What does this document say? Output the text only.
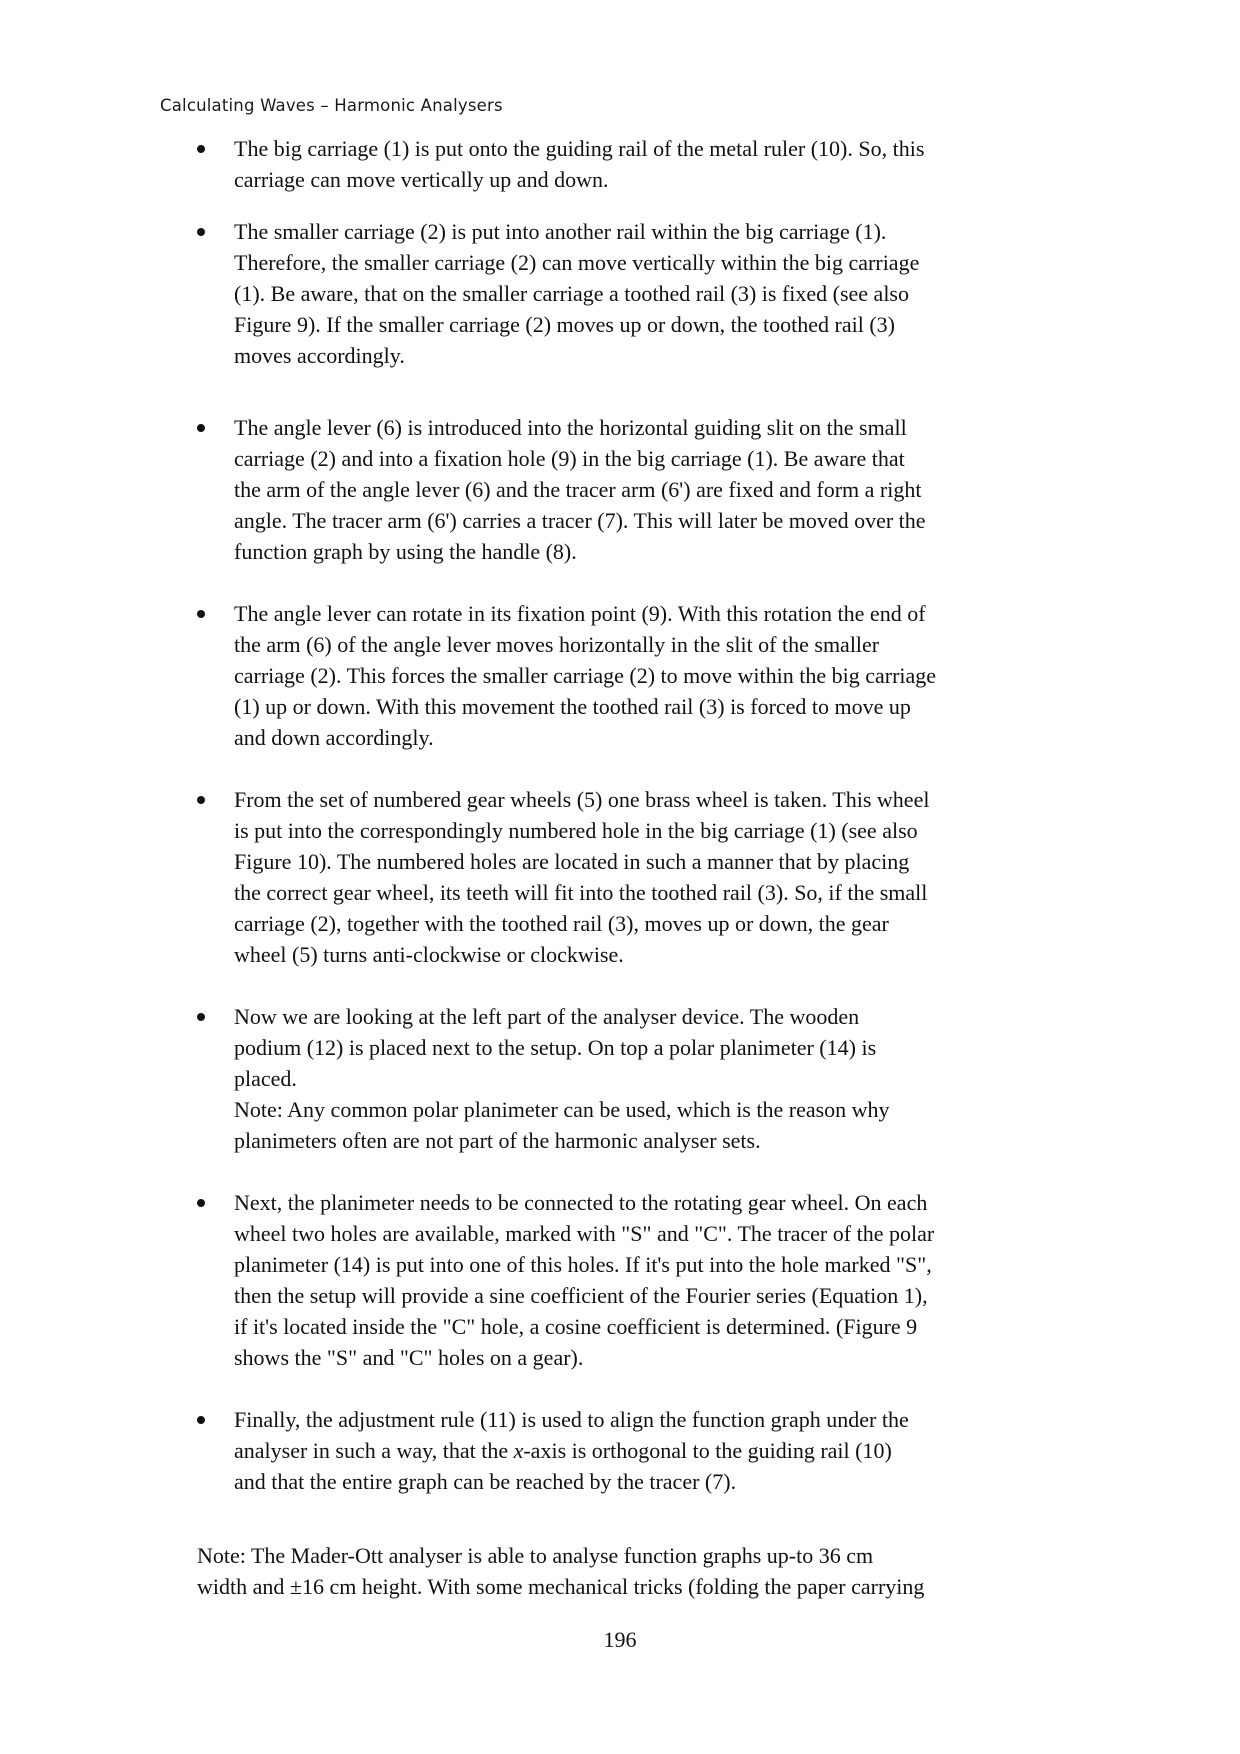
Calculating Waves – Harmonic Analysers
The big carriage (1) is put onto the guiding rail of the metal ruler (10). So, this
carriage can move vertically up and down.
The smaller carriage (2) is put into another rail within the big carriage (1).
Therefore, the smaller carriage (2) can move vertically within the big carriage
(1). Be aware, that on the smaller carriage a toothed rail (3) is fixed (see also
Figure 9). If the smaller carriage (2) moves up or down, the toothed rail (3)
moves accordingly.
The angle lever (6) is introduced into the horizontal guiding slit on the small
carriage (2) and into a fixation hole (9) in the big carriage (1). Be aware that
the arm of the angle lever (6) and the tracer arm (6') are fixed and form a right
angle. The tracer arm (6') carries a tracer (7). This will later be moved over the
function graph by using the handle (8).
The angle lever can rotate in its fixation point (9). With this rotation the end of
the arm (6) of the angle lever moves horizontally in the slit of the smaller
carriage (2). This forces the smaller carriage (2) to move within the big carriage
(1) up or down. With this movement the toothed rail (3) is forced to move up
and down accordingly.
From the set of numbered gear wheels (5) one brass wheel is taken. This wheel
is put into the correspondingly numbered hole in the big carriage (1) (see also
Figure 10). The numbered holes are located in such a manner that by placing
the correct gear wheel, its teeth will fit into the toothed rail (3). So, if the small
carriage (2), together with the toothed rail (3), moves up or down, the gear
wheel (5) turns anti-clockwise or clockwise.
Now we are looking at the left part of the analyser device. The wooden
podium (12) is placed next to the setup. On top a polar planimeter (14) is
placed.
Note: Any common polar planimeter can be used, which is the reason why
planimeters often are not part of the harmonic analyser sets.
Next, the planimeter needs to be connected to the rotating gear wheel. On each
wheel two holes are available, marked with "S" and "C". The tracer of the polar
planimeter (14) is put into one of this holes. If it's put into the hole marked "S",
then the setup will provide a sine coefficient of the Fourier series (Equation 1),
if it's located inside the "C" hole, a cosine coefficient is determined. (Figure 9
shows the "S" and "C" holes on a gear).
Finally, the adjustment rule (11) is used to align the function graph under the
analyser in such a way, that the x-axis is orthogonal to the guiding rail (10)
and that the entire graph can be reached by the tracer (7).
Note: The Mader-Ott analyser is able to analyse function graphs up-to 36 cm
width and ±16 cm height. With some mechanical tricks (folding the paper carrying
196
